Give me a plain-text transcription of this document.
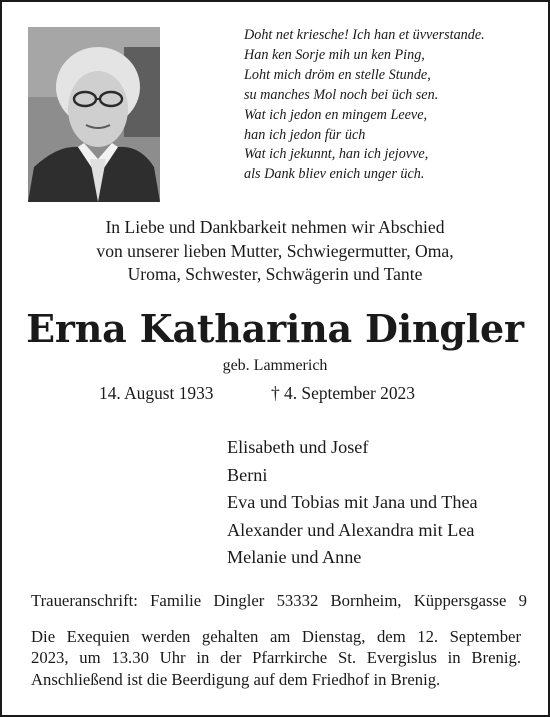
Doht net kriesche! Ich han et üvverstande.
Han ken Sorje mih un ken Ping,
Loht mich dröm en stelle Stunde,
su manches Mol noch bei üch sen.
Wat ich jedon en mingem Leeve,
han ich jedon für üch
Wat ich jekunnt, han ich jejovve,
als Dank bliev enich unger üch.
In Liebe und Dankbarkeit nehmen wir Abschied
von unserer lieben Mutter, Schwiegermutter, Oma,
Uroma, Schwester, Schwägerin und Tante
Erna Katharina Dingler
geb. Lammerich
14. August 1933	† 4. September 2023
Elisabeth und Josef
Berni
Eva und Tobias mit Jana und Thea
Alexander und Alexandra mit Lea
Melanie und Anne
Traueranschrift: Familie Dingler 53332 Bornheim, Küppersgasse 9
Die Exequien werden gehalten am Dienstag, dem 12. September
2023, um 13.30 Uhr in der Pfarrkirche St. Evergislus in Brenig.
Anschließend ist die Beerdigung auf dem Friedhof in Brenig.
